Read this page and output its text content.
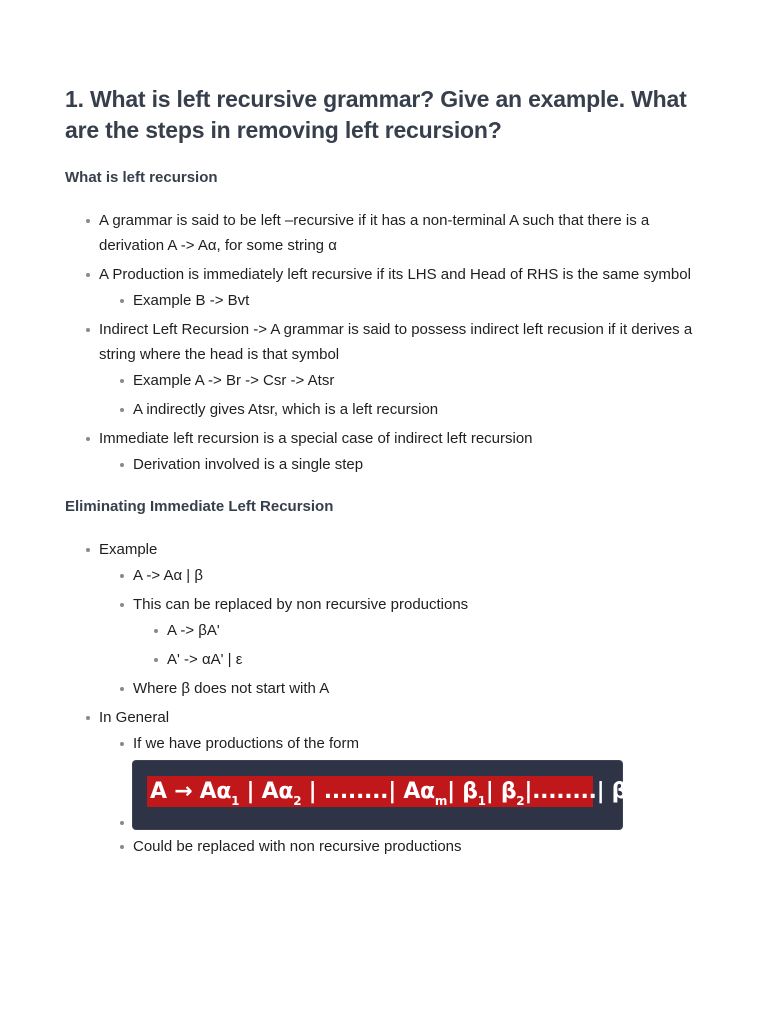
1. What is left recursive grammar? Give an example. What are the steps in removing left recursion?
What is left recursion
A grammar is said to be left –recursive if it has a non-terminal A such that there is a derivation A -> Aα, for some string α
A Production is immediately left recursive if its LHS and Head of RHS is the same symbol
Example B -> Bvt
Indirect Left Recursion -> A grammar is said to possess indirect left recusion if it derives a string where the head is that symbol
Example A -> Br -> Csr -> Atsr
A indirectly gives Atsr, which is a left recursion
Immediate left recursion is a special case of indirect left recursion
Derivation involved is a single step
Eliminating Immediate Left Recursion
Example
A -> Aα | β
This can be replaced by non recursive productions
A -> βA'
A' -> αA' | ε
Where β does not start with A
In General
If we have productions of the form
$A \to A\alpha_1$ | $A\alpha_2$ | ........| $A\alpha_m|$ $\beta_1|$ $\beta_2|........|$ $\beta_n$
Could be replaced with non recursive productions
